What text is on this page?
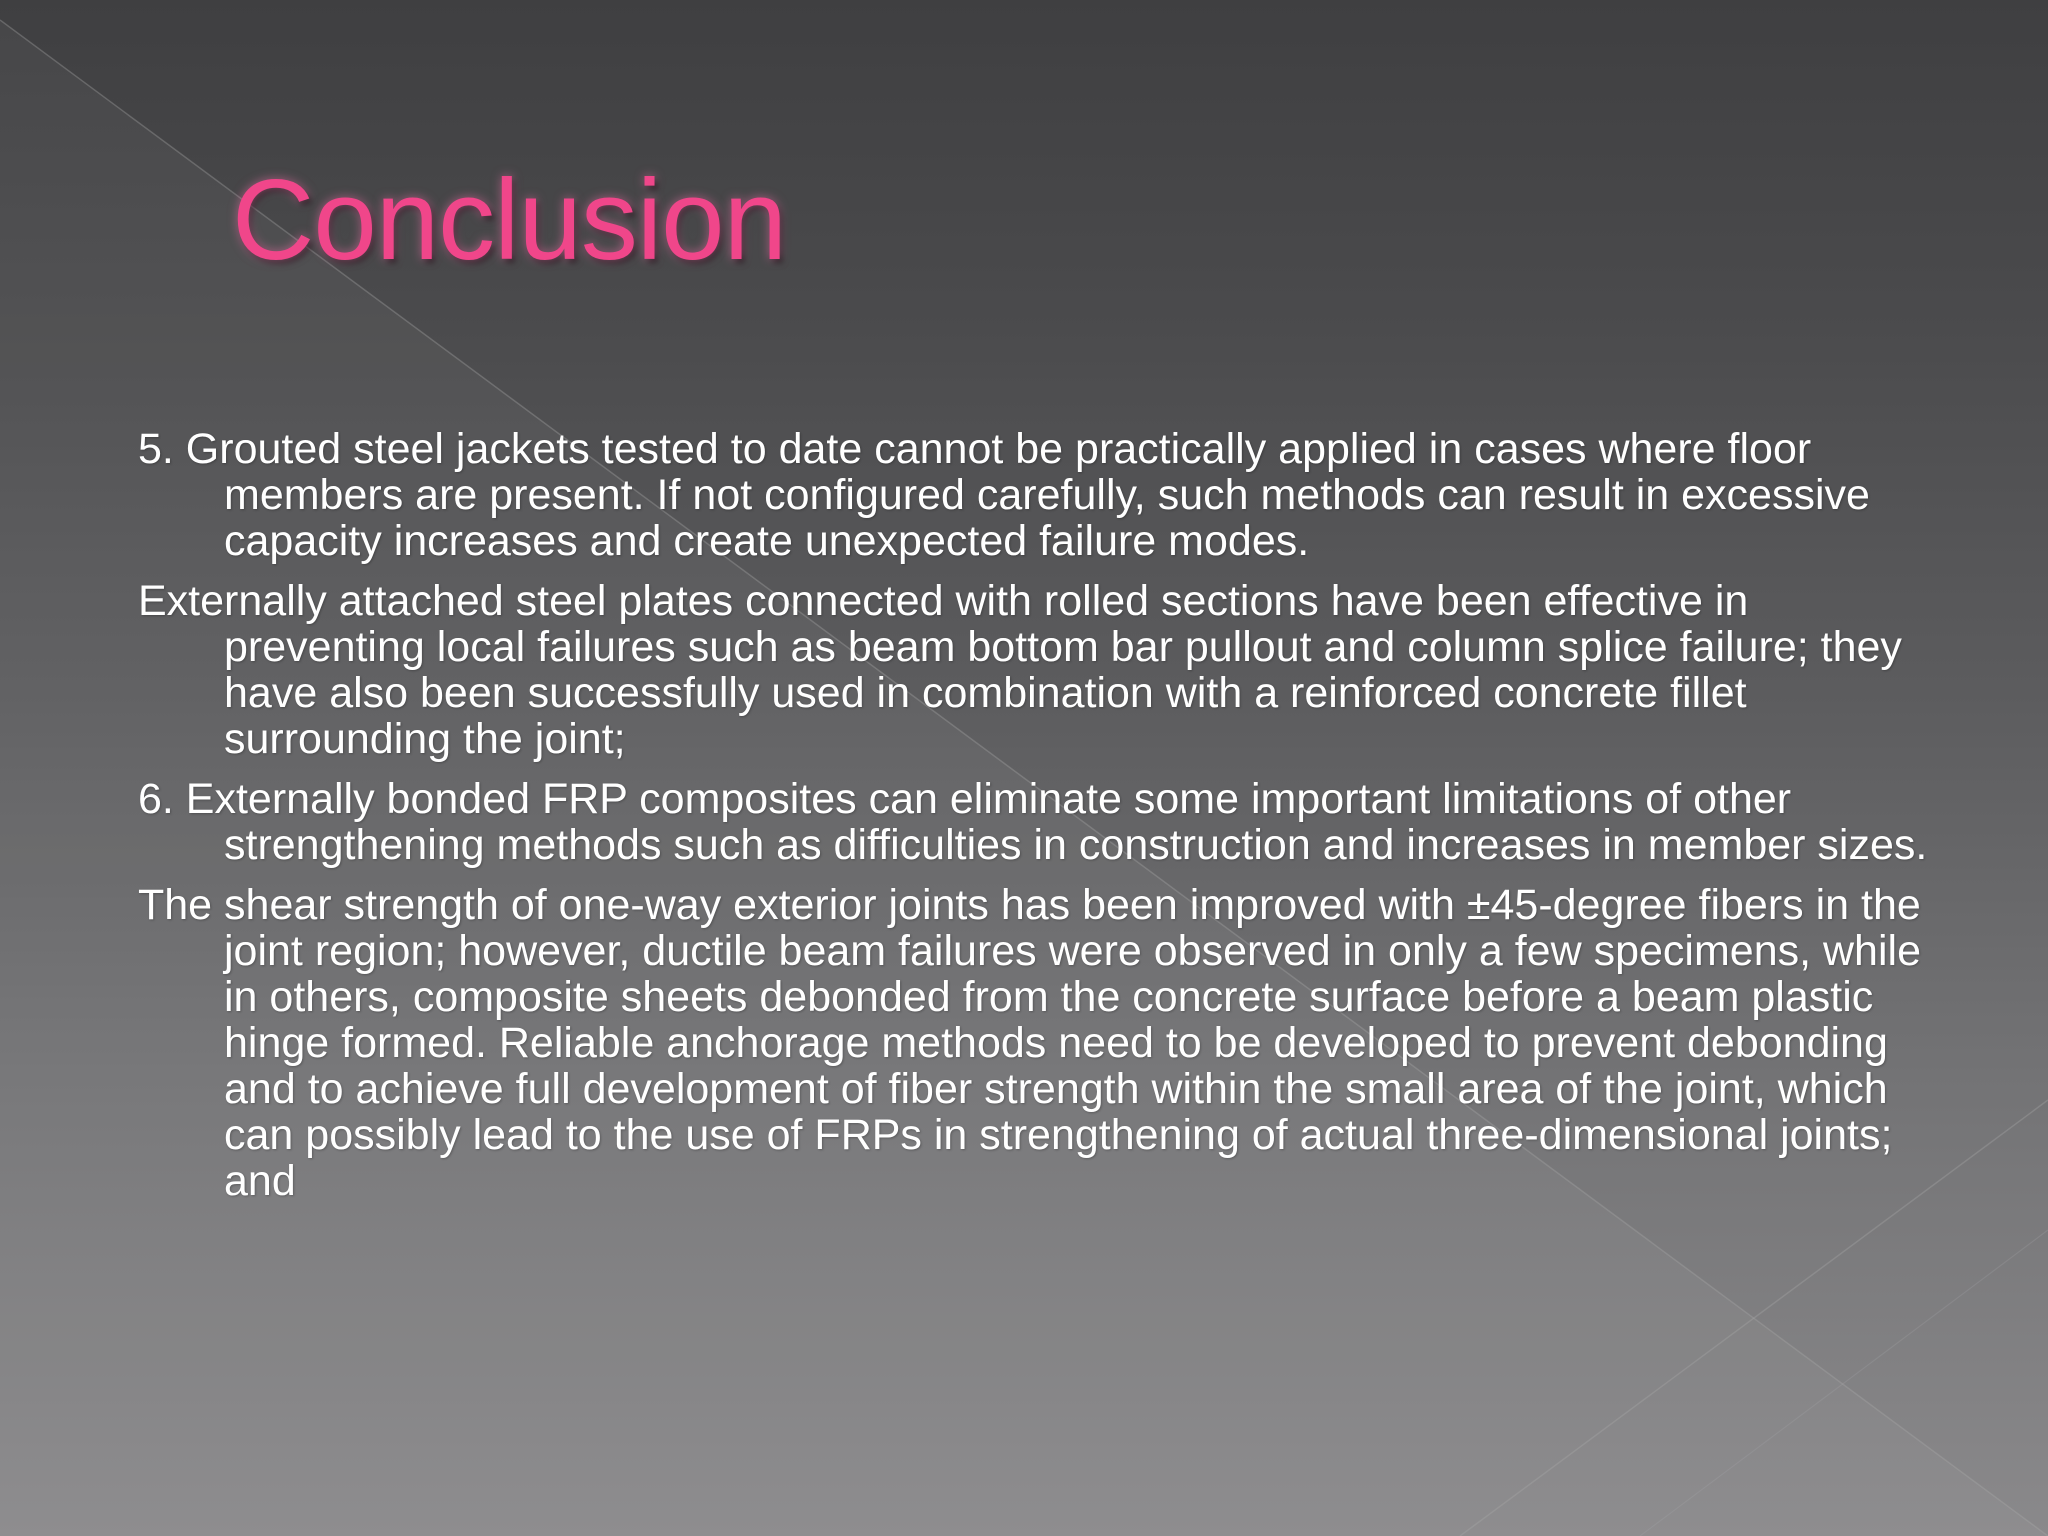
Conclusion

5. Grouted steel jackets tested to date cannot be practically applied in cases where floor members are present. If not configured carefully, such methods can result in excessive capacity increases and create unexpected failure modes.

Externally attached steel plates connected with rolled sections have been effective in preventing local failures such as beam bottom bar pullout and column splice failure; they have also been successfully used in combination with a reinforced concrete fillet surrounding the joint;

6. Externally bonded FRP composites can eliminate some important limitations of other strengthening methods such as difficulties in construction and increases in member sizes.

The shear strength of one-way exterior joints has been improved with ±45-degree fibers in the joint region; however, ductile beam failures were observed in only a few specimens, while in others, composite sheets debonded from the concrete surface before a beam plastic hinge formed. Reliable anchorage methods need to be developed to prevent debonding and to achieve full development of fiber strength within the small area of the joint, which can possibly lead to the use of FRPs in strengthening of actual three-dimensional joints; and
